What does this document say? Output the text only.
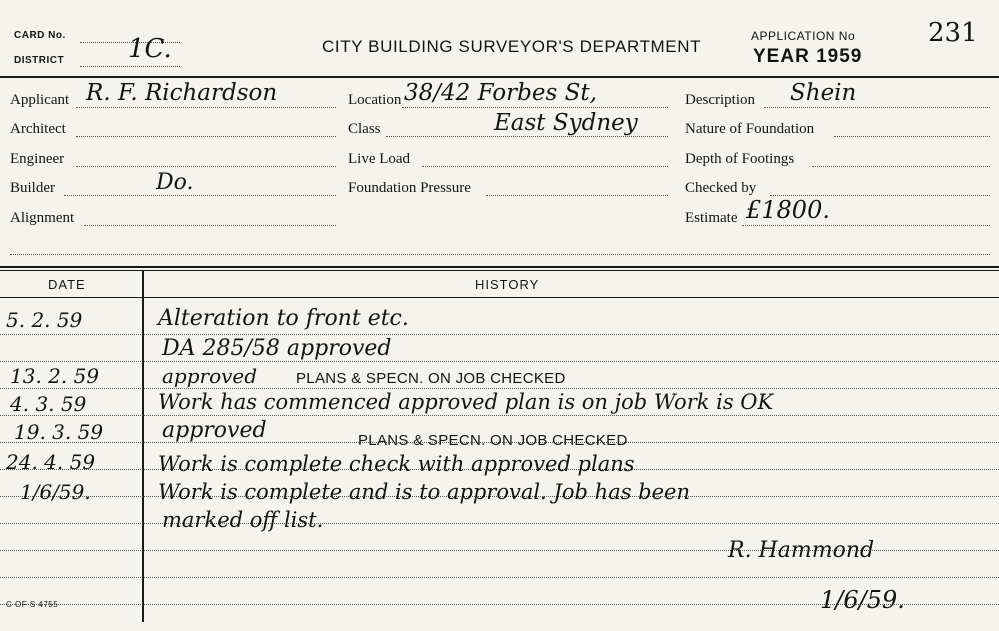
CARD No.
DISTRICT 1C.	CITY BUILDING SURVEYOR'S DEPARTMENT
APPLICATION No
YEAR 1959
231
Applicant R. F. Richardson
Architect
Engineer
Builder	Do.
Alignment
Location 38/42 Forbes St,
Class	East Sydney
Live Load
Foundation Pressure
Description Shein
Nature of Foundation
Depth of Footings
Checked by
Estimate £1800.
DATE	HISTORY
5. 2. 59	Alteration to front etc.
DA 285/58 approved
13. 2. 59	approved	PLANS & SPECN. ON JOB CHECKED
4. 3. 59	Work has commenced approved plan is on job Work is OK
19. 3. 59	approved	PLANS & SPECN. ON JOB CHECKED
24. 4. 59	Work is complete check with approved plans
1/6/59.	Work is complete and is to approval. Job has been
marked off list.
R. Hammond
1/6/59.
C OF S 4755
